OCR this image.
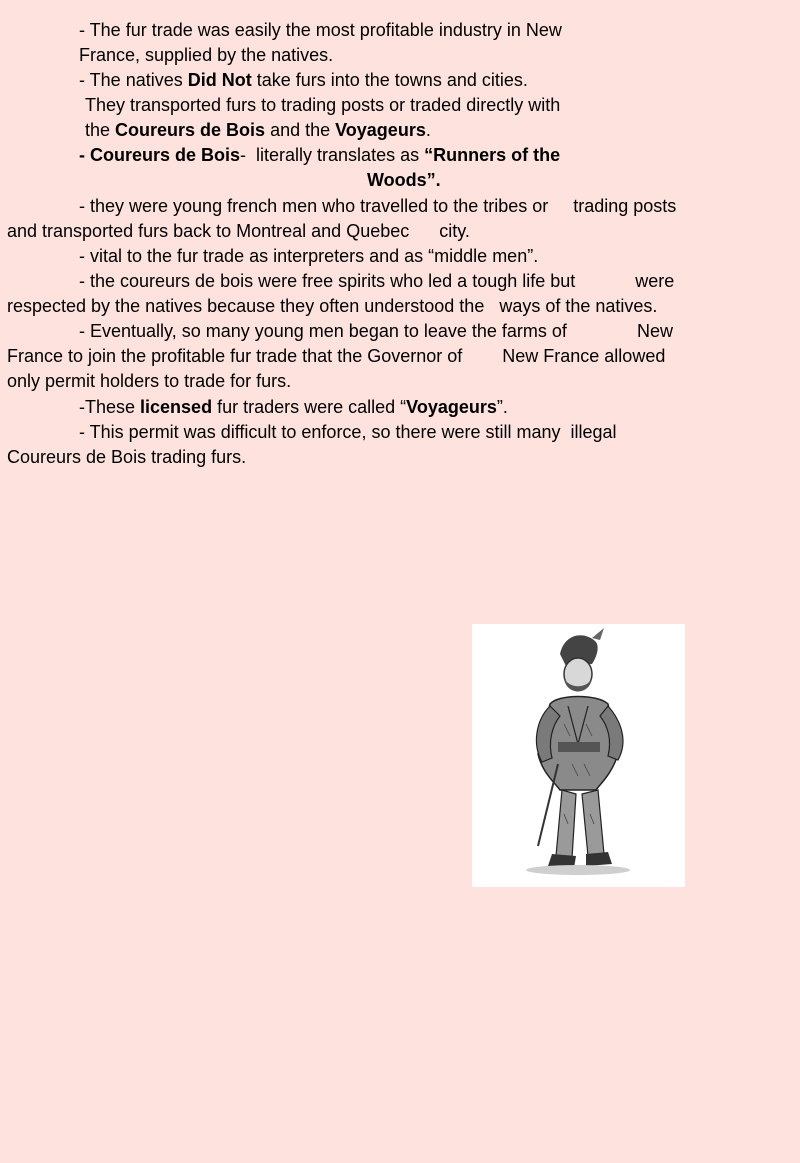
- The fur trade was easily the most profitable industry in New
France, supplied by the natives.
- The natives Did Not take furs into the towns and cities.
They transported furs to trading posts or traded directly with
the Coureurs de Bois and the Voyageurs.
- Coureurs de Bois-  literally translates as “Runners of the
Woods”.
- they were young french men who travelled to the tribes or     trading posts
and transported furs back to Montreal and Quebec      city.
- vital to the fur trade as interpreters and as “middle men”.
- the coureurs de bois were free spirits who led a tough life but            were
respected by the natives because they often understood the   ways of the natives.
- Eventually, so many young men began to leave the farms of              New
France to join the profitable fur trade that the Governor of        New France allowed
only permit holders to trade for furs.
-These licensed fur traders were called “Voyageurs”.
- This permit was difficult to enforce, so there were still many  illegal
Coureurs de Bois trading furs.
